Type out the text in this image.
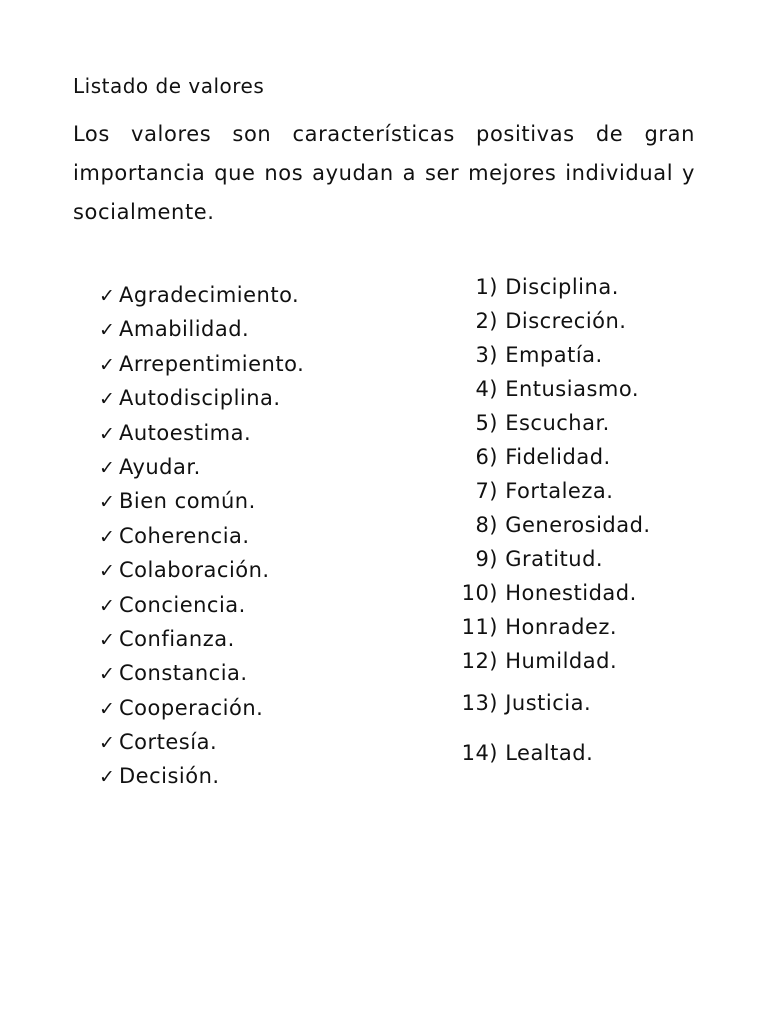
Listado de valores

Los valores son características positivas de gran importancia que nos ayudan a ser mejores individual y socialmente.

✓ Agradecimiento.
✓ Amabilidad.
✓ Arrepentimiento.
✓ Autodisciplina.
✓ Autoestima.
✓ Ayudar.
✓ Bien común.
✓ Coherencia.
✓ Colaboración.
✓ Conciencia.
✓ Confianza.
✓ Constancia.
✓ Cooperación.
✓ Cortesía.
✓ Decisión.
1)
Disciplina.
2)
Discreción.
3)
Empatía.
4)
Entusiasmo.
5)
Escuchar.
6)
Fidelidad.
7)
Fortaleza.
8)
Generosidad.
9)
Gratitud.
10)
Honestidad.
11)
Honradez.
12)
Humildad.
13)
Justicia.
14)
Lealtad.
